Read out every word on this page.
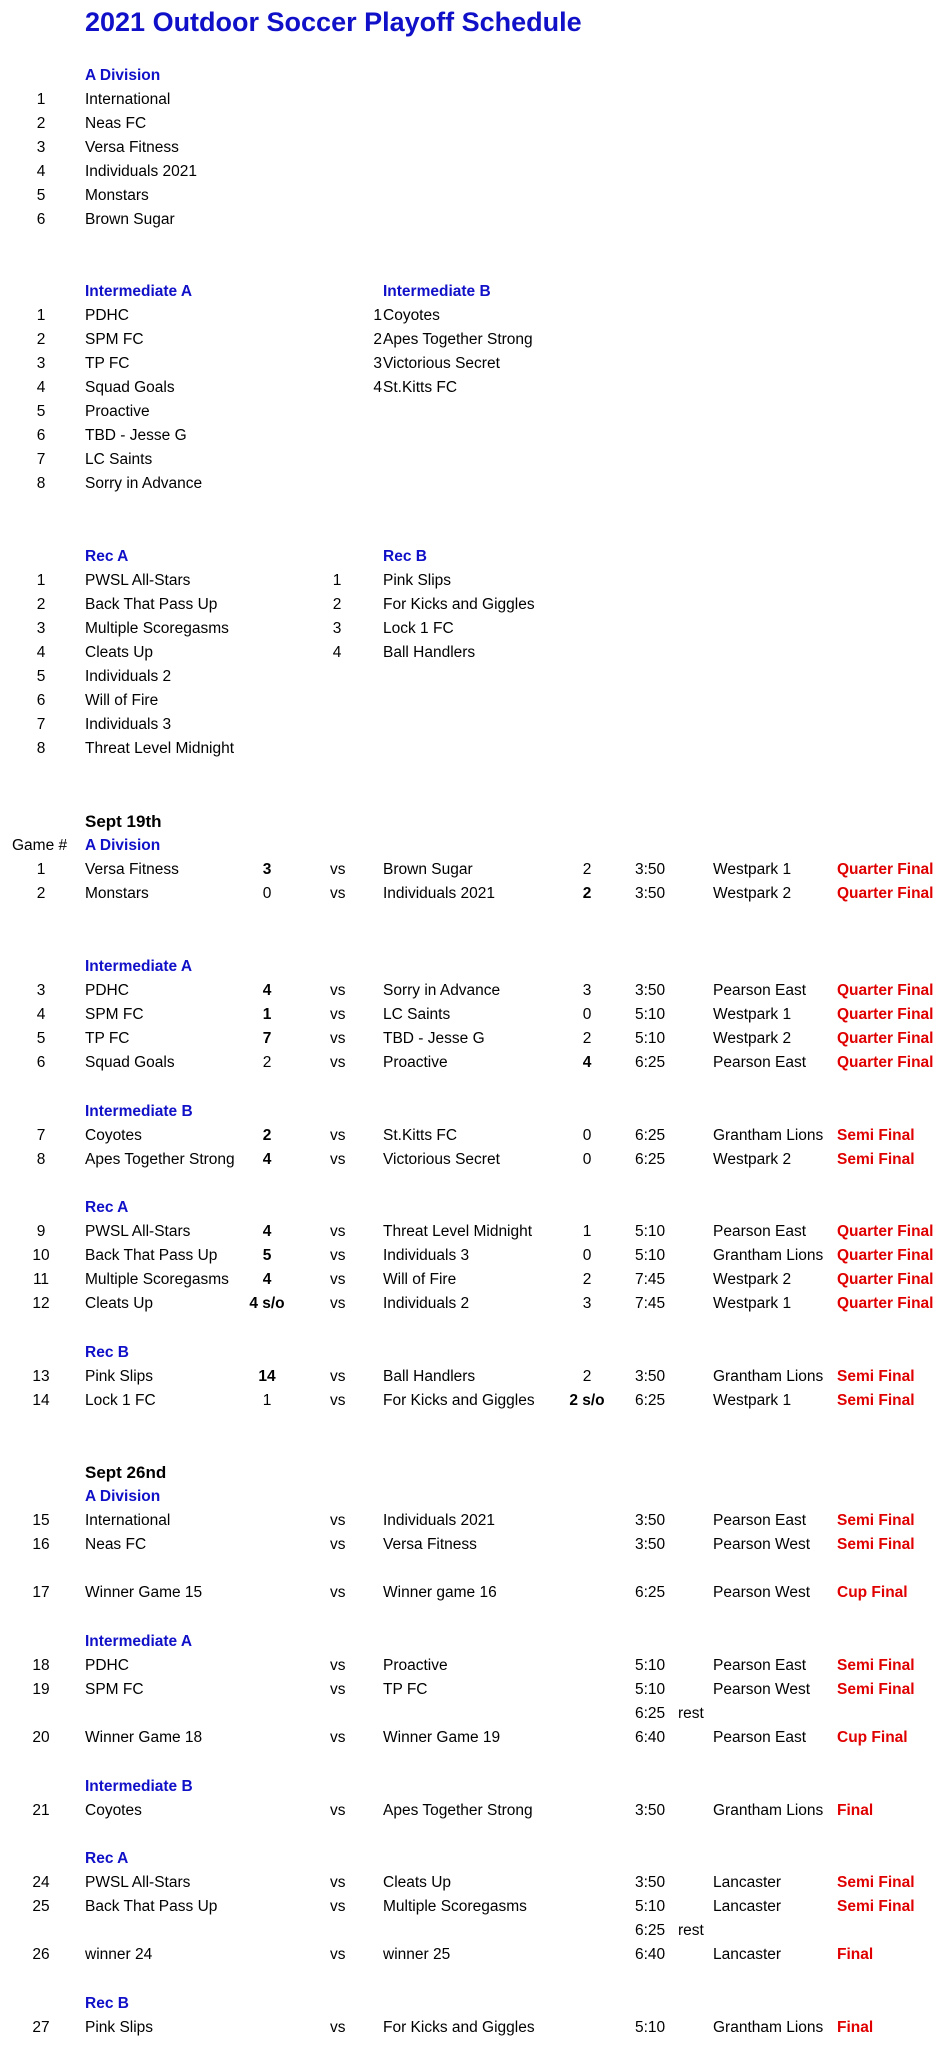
2021 Outdoor Soccer Playoff Schedule
A Division
1	International
2	Neas FC
3	Versa Fitness
4	Individuals 2021
5	Monstars
6	Brown Sugar
Intermediate A
1	PDHC
2	SPM FC
3	TP FC
4	Squad Goals
5	Proactive
6	TBD - Jesse G
7	LC Saints
8	Sorry in Advance
Intermediate B
1 Coyotes
2 Apes Together Strong
3 Victorious Secret
4 St.Kitts FC
Rec A
1	PWSL All-Stars
2	Back That Pass Up
3	Multiple Scoregasms
4	Cleats Up
5	Individuals 2
6	Will of Fire
7	Individuals 3
8	Threat Level Midnight
Rec B
1	Pink Slips
2	For Kicks and Giggles
3	Lock 1 FC
4	Ball Handlers
Sept 19th
Game # A Division
1	Versa Fitness	3	vs Brown Sugar	2	3:50	Westpark 1	Quarter Final
2	Monstars	0	vs Individuals 2021	2	3:50	Westpark 2	Quarter Final
Intermediate A
3	PDHC	4	vs Sorry in Advance	3	3:50	Pearson East Quarter Final
4	SPM FC	1	vs LC Saints	0	5:10	Westpark 1	Quarter Final
5	TP FC	7	vs TBD - Jesse G	2	5:10	Westpark 2	Quarter Final
6	Squad Goals	2	vs Proactive	4	6:25	Pearson East Quarter Final
Intermediate B
7	Coyotes	2	vs St.Kitts FC	0	6:25	Grantham Lions Semi Final
8	Apes Together Strong	4	vs Victorious Secret	0	6:25	Westpark 2	Semi Final
Rec A
9	PWSL All-Stars	4	vs Threat Level Midnight	1	5:10	Pearson East Quarter Final
10	Back That Pass Up	5	vs Individuals 3	0	5:10	Grantham Lions Quarter Final
11	Multiple Scoregasms	4	vs Will of Fire	2	7:45	Westpark 2	Quarter Final
12	Cleats Up	4 s/o	vs Individuals 2	3	7:45	Westpark 1	Quarter Final
Rec B
13	Pink Slips	14	vs Ball Handlers	2	3:50	Grantham Lions Semi Final
14	Lock 1 FC	1	vs For Kicks and Giggles	2 s/o	6:25	Westpark 1	Semi Final
Sept 26nd
A Division
15	International	vs Individuals 2021	3:50	Pearson East Semi Final
16	Neas FC	vs Versa Fitness	3:50	Pearson West Semi Final
17	Winner Game 15	vs Winner game 16	6:25	Pearson West Cup Final
Intermediate A
18	PDHC	vs Proactive	5:10	Pearson East Semi Final
19	SPM FC	vs TP FC	5:10	Pearson West Semi Final
20	Winner Game 18	vs Winner Game 19	6:40	Pearson East Cup Final
6:25 rest
Intermediate B
21	Coyotes	vs Apes Together Strong	3:50	Grantham Lions Final
Rec A
24	PWSL All-Stars	vs Cleats Up	3:50	Lancaster	Semi Final
25	Back That Pass Up	vs Multiple Scoregasms	5:10	Lancaster	Semi Final
26	winner 24	vs winner 25	6:40	Lancaster	Final
6:25 rest
Rec B
27	Pink Slips	vs For Kicks and Giggles	5:10	Grantham Lions Final
